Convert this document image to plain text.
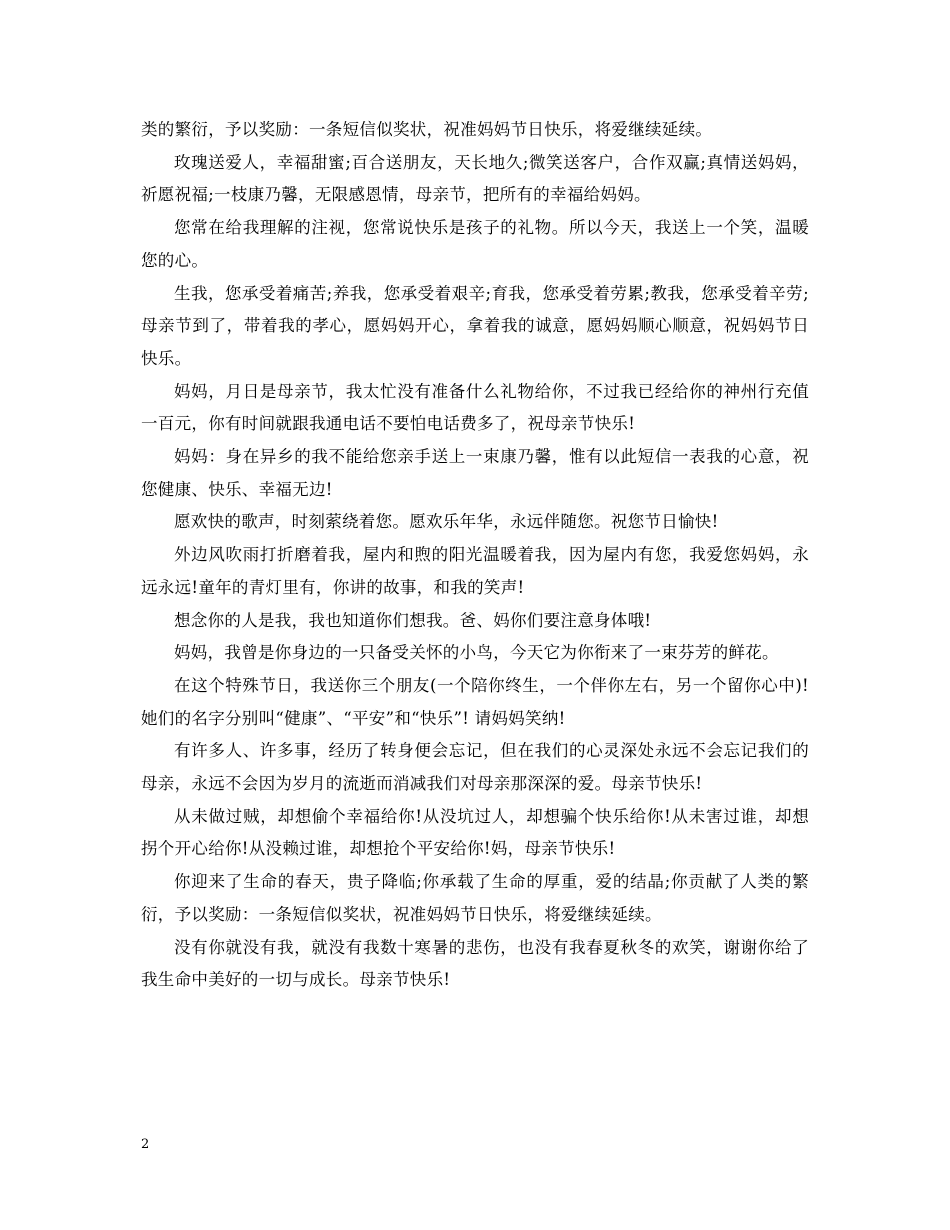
类的繁衍，予以奖励：一条短信似奖状，祝准妈妈节日快乐，将爱继续延续。

玫瑰送爱人，幸福甜蜜;百合送朋友，天长地久;微笑送客户，合作双赢;真情送妈妈，祈愿祝福;一枝康乃馨，无限感恩情，母亲节，把所有的幸福给妈妈。

您常在给我理解的注视，您常说快乐是孩子的礼物。所以今天，我送上一个笑，温暖您的心。

生我，您承受着痛苦;养我，您承受着艰辛;育我，您承受着劳累;教我，您承受着辛劳;母亲节到了，带着我的孝心，愿妈妈开心，拿着我的诚意，愿妈妈顺心顺意，祝妈妈节日快乐。

妈妈，月日是母亲节，我太忙没有准备什么礼物给你，不过我已经给你的神州行充值一百元，你有时间就跟我通电话不要怕电话费多了，祝母亲节快乐!

妈妈：身在异乡的我不能给您亲手送上一束康乃馨，惟有以此短信一表我的心意，祝您健康、快乐、幸福无边!

愿欢快的歌声，时刻萦绕着您。愿欢乐年华，永远伴随您。祝您节日愉快!

外边风吹雨打折磨着我，屋内和煦的阳光温暖着我，因为屋内有您，我爱您妈妈，永远永远!童年的青灯里有，你讲的故事，和我的笑声!

想念你的人是我，我也知道你们想我。爸、妈你们要注意身体哦!

妈妈，我曾是你身边的一只备受关怀的小鸟，今天它为你衔来了一束芬芳的鲜花。

在这个特殊节日，我送你三个朋友(一个陪你终生，一个伴你左右，另一个留你心中)!她们的名字分别叫“健康”、“平安”和“快乐”! 请妈妈笑纳!

有许多人、许多事，经历了转身便会忘记，但在我们的心灵深处永远不会忘记我们的母亲，永远不会因为岁月的流逝而消减我们对母亲那深深的爱。母亲节快乐!

从未做过贼，却想偷个幸福给你!从没坑过人，却想骗个快乐给你!从未害过谁，却想拐个开心给你!从没赖过谁，却想抢个平安给你!妈，母亲节快乐!

你迎来了生命的春天，贵子降临;你承载了生命的厚重，爱的结晶;你贡献了人类的繁衍，予以奖励：一条短信似奖状，祝准妈妈节日快乐，将爱继续延续。

没有你就没有我，就没有我数十寒暑的悲伤，也没有我春夏秋冬的欢笑，谢谢你给了我生命中美好的一切与成长。母亲节快乐!

2
